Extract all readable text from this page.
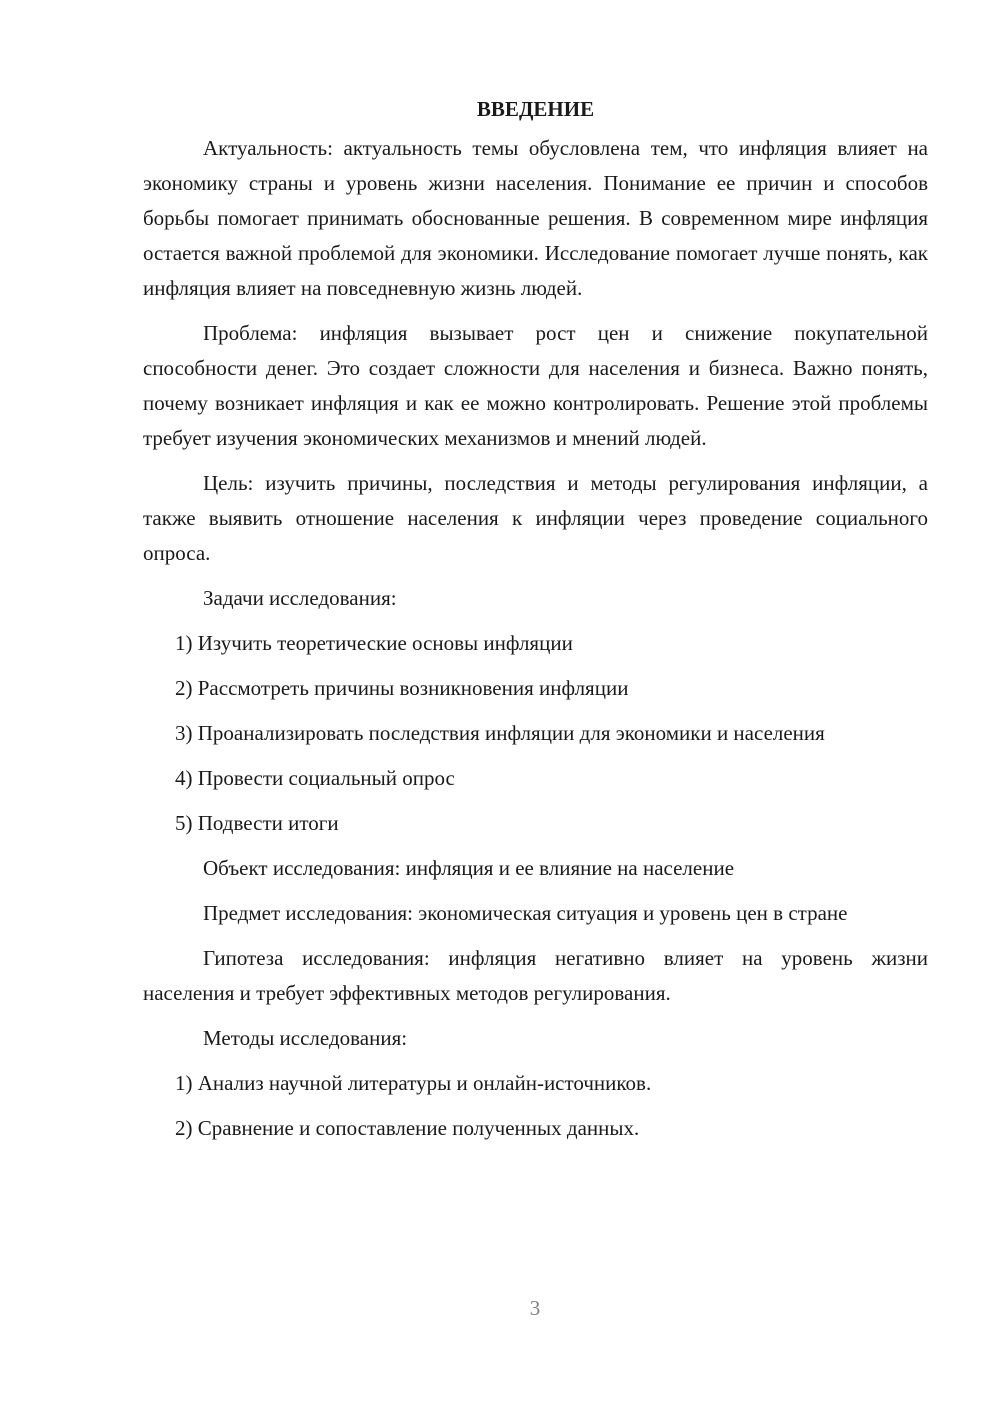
ВВЕДЕНИЕ

Актуальность: актуальность темы обусловлена тем, что инфляция влияет на экономику страны и уровень жизни населения. Понимание ее причин и способов борьбы помогает принимать обоснованные решения. В современном мире инфляция остается важной проблемой для экономики. Исследование помогает лучше понять, как инфляция влияет на повседневную жизнь людей.

Проблема: инфляция вызывает рост цен и снижение покупательной способности денег. Это создает сложности для населения и бизнеса. Важно понять, почему возникает инфляция и как ее можно контролировать. Решение этой проблемы требует изучения экономических механизмов и мнений людей.

Цель: изучить причины, последствия и методы регулирования инфляции, а также выявить отношение населения к инфляции через проведение социального опроса.

Задачи исследования:

1) Изучить теоретические основы инфляции

2) Рассмотреть причины возникновения инфляции

3) Проанализировать последствия инфляции для экономики и населения

4) Провести социальный опрос

5) Подвести итоги

Объект исследования: инфляция и ее влияние на население

Предмет исследования: экономическая ситуация и уровень цен в стране

Гипотеза исследования: инфляция негативно влияет на уровень жизни населения и требует эффективных методов регулирования.

Методы исследования:

1) Анализ научной литературы и онлайн-источников.

2) Сравнение и сопоставление полученных данных.

3
